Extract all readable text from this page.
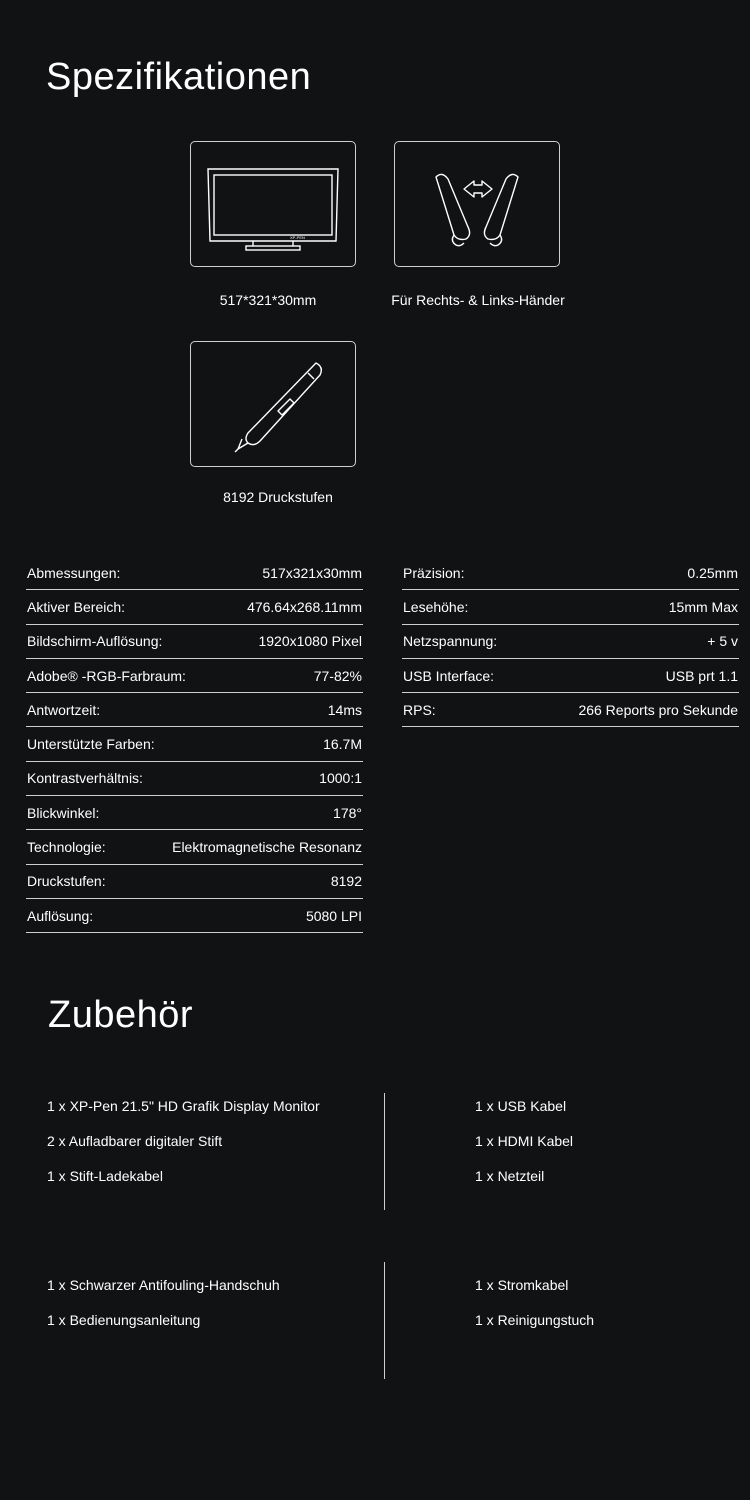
Spezifikationen
XP-PEN
517*321*30mm	Für Rechts- & Links-Händer
8192 Druckstufen
Abmessungen:	517x321x30mm
Aktiver Bereich:	476.64x268.11mm
Bildschirm-Auflösung:	1920x1080 Pixel
Adobe® -RGB-Farbraum:	77-82%
Antwortzeit:	14ms
Unterstützte Farben:	16.7M
Kontrastverhältnis:	1000:1
Blickwinkel:	178°
Technologie:	Elektromagnetische Resonanz
Druckstufen:	8192
Auflösung:	5080 LPI
Präzision:	0.25mm
Lesehöhe:	15mm Max
Netzspannung:	+ 5 v
USB Interface:	USB prt 1.1
RPS:	266 Reports pro Sekunde
Zubehör
1 x XP-Pen 21.5" HD Grafik Display Monitor
2 x Aufladbarer digitaler Stift
1 x Stift-Ladekabel
1 x USB Kabel
1 x HDMI Kabel
1 x Netzteil
1 x Schwarzer Antifouling-Handschuh
1 x Bedienungsanleitung
1 x Stromkabel
1 x Reinigungstuch
